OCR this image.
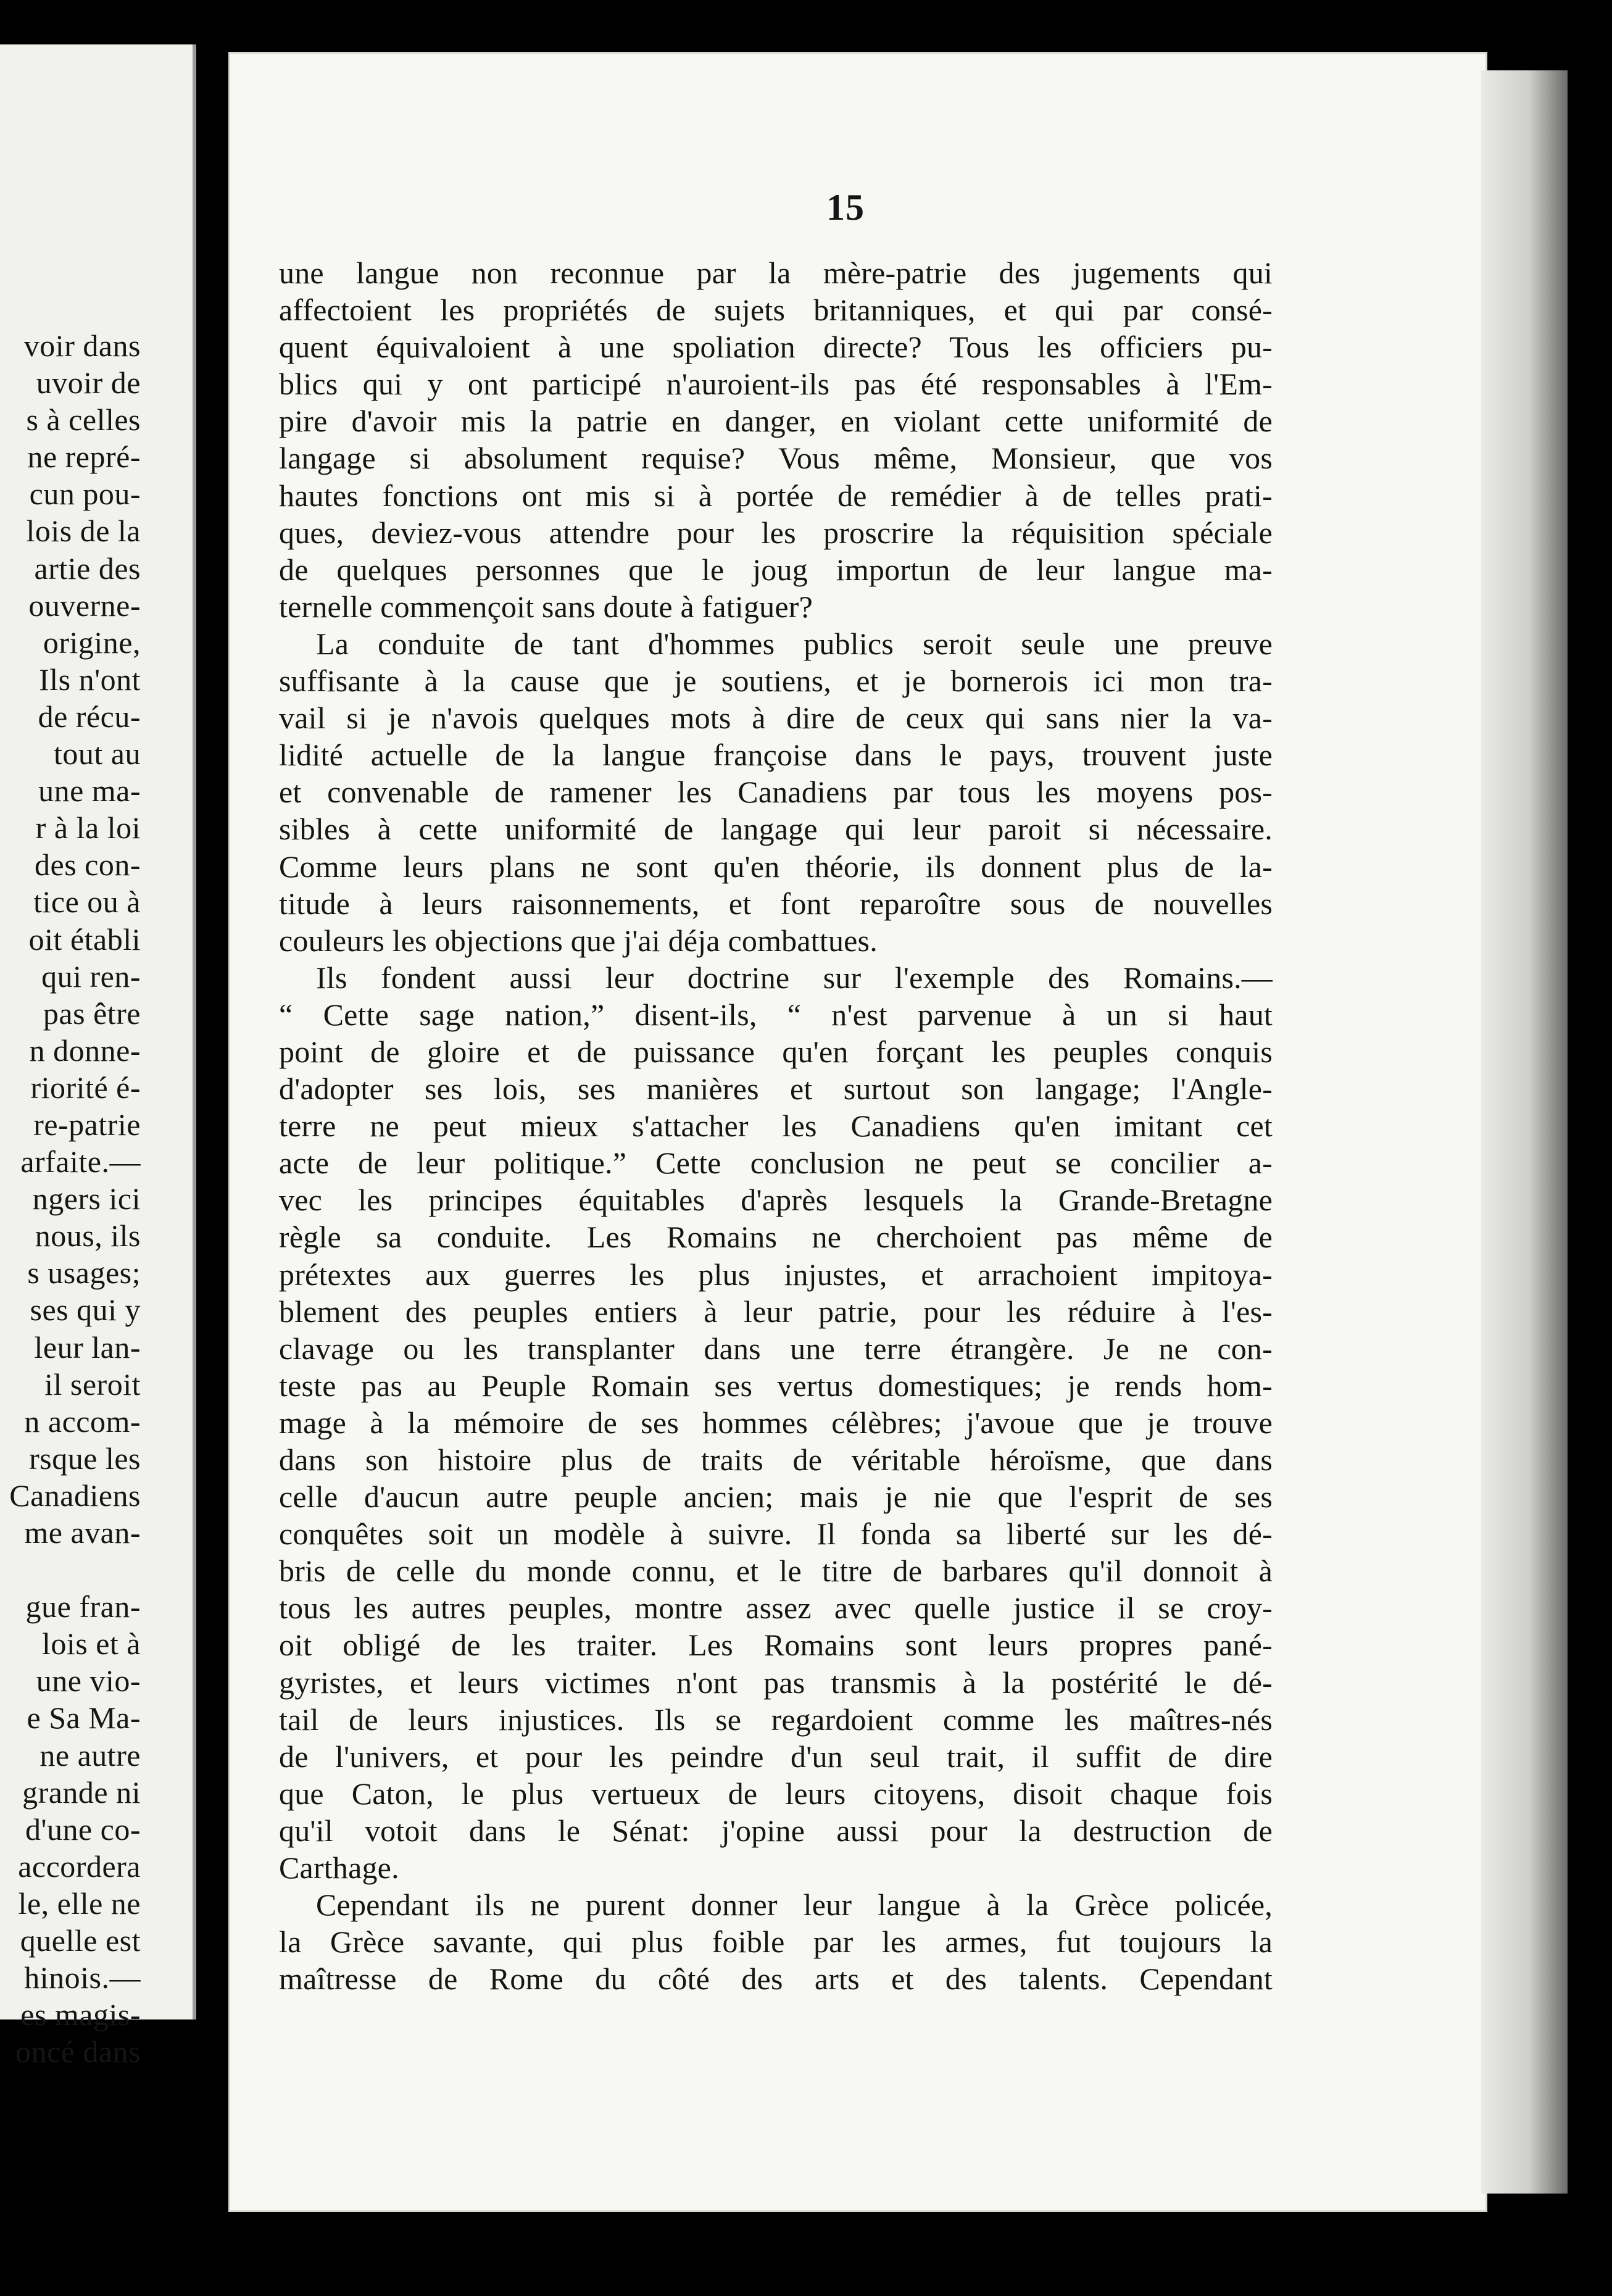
voir dans
uvoir de
s à celles
ne repré-
cun pou-
lois de la
artie des
ouverne-
origine,
Ils n'ont
de récu-
tout au
une ma-
r à la loi
des con-
tice ou à
oit établi
qui ren-
pas être
n donne-
riorité é-
re-patrie
arfaite.—
ngers ici
nous, ils
s usages;
ses qui y
leur lan-
il seroit
n accom-
rsque les
Canadiens
me avan-
gue fran-
lois et à
une vio-
e Sa Ma-
ne autre
grande ni
d'une co-
accordera
le, elle ne
quelle est
hinois.—
es magis-
oncé dans
15
une langue non reconnue par la mère-patrie des jugements qui
affectoient les propriétés de sujets britanniques, et qui par consé-
quent équivaloient à une spoliation directe? Tous les officiers pu-
blics qui y ont participé n'auroient-ils pas été responsables à l'Em-
pire d'avoir mis la patrie en danger, en violant cette uniformité de
langage si absolument requise? Vous même, Monsieur, que vos
hautes fonctions ont mis si à portée de remédier à de telles prati-
ques, deviez-vous attendre pour les proscrire la réquisition spéciale
de quelques personnes que le joug importun de leur langue ma-
ternelle commençoit sans doute à fatiguer?
La conduite de tant d'hommes publics seroit seule une preuve
suffisante à la cause que je soutiens, et je bornerois ici mon tra-
vail si je n'avois quelques mots à dire de ceux qui sans nier la va-
lidité actuelle de la langue françoise dans le pays, trouvent juste
et convenable de ramener les Canadiens par tous les moyens pos-
sibles à cette uniformité de langage qui leur paroit si nécessaire.
Comme leurs plans ne sont qu'en théorie, ils donnent plus de la-
titude à leurs raisonnements, et font reparoître sous de nouvelles
couleurs les objections que j'ai déja combattues.
Ils fondent aussi leur doctrine sur l'exemple des Romains.—
“ Cette sage nation,” disent-ils, “ n'est parvenue à un si haut
point de gloire et de puissance qu'en forçant les peuples conquis
d'adopter ses lois, ses manières et surtout son langage; l'Angle-
terre ne peut mieux s'attacher les Canadiens qu'en imitant cet
acte de leur politique.” Cette conclusion ne peut se concilier a-
vec les principes équitables d'après lesquels la Grande-Bretagne
règle sa conduite. Les Romains ne cherchoient pas même de
prétextes aux guerres les plus injustes, et arrachoient impitoya-
blement des peuples entiers à leur patrie, pour les réduire à l'es-
clavage ou les transplanter dans une terre étrangère. Je ne con-
teste pas au Peuple Romain ses vertus domestiques; je rends hom-
mage à la mémoire de ses hommes célèbres; j'avoue que je trouve
dans son histoire plus de traits de véritable héroïsme, que dans
celle d'aucun autre peuple ancien; mais je nie que l'esprit de ses
conquêtes soit un modèle à suivre. Il fonda sa liberté sur les dé-
bris de celle du monde connu, et le titre de barbares qu'il donnoit à
tous les autres peuples, montre assez avec quelle justice il se croy-
oit obligé de les traiter. Les Romains sont leurs propres pané-
gyristes, et leurs victimes n'ont pas transmis à la postérité le dé-
tail de leurs injustices. Ils se regardoient comme les maîtres-nés
de l'univers, et pour les peindre d'un seul trait, il suffit de dire
que Caton, le plus vertueux de leurs citoyens, disoit chaque fois
qu'il votoit dans le Sénat: j'opine aussi pour la destruction de
Carthage.
Cependant ils ne purent donner leur langue à la Grèce policée,
la Grèce savante, qui plus foible par les armes, fut toujours la
maîtresse de Rome du côté des arts et des talents. Cependant
